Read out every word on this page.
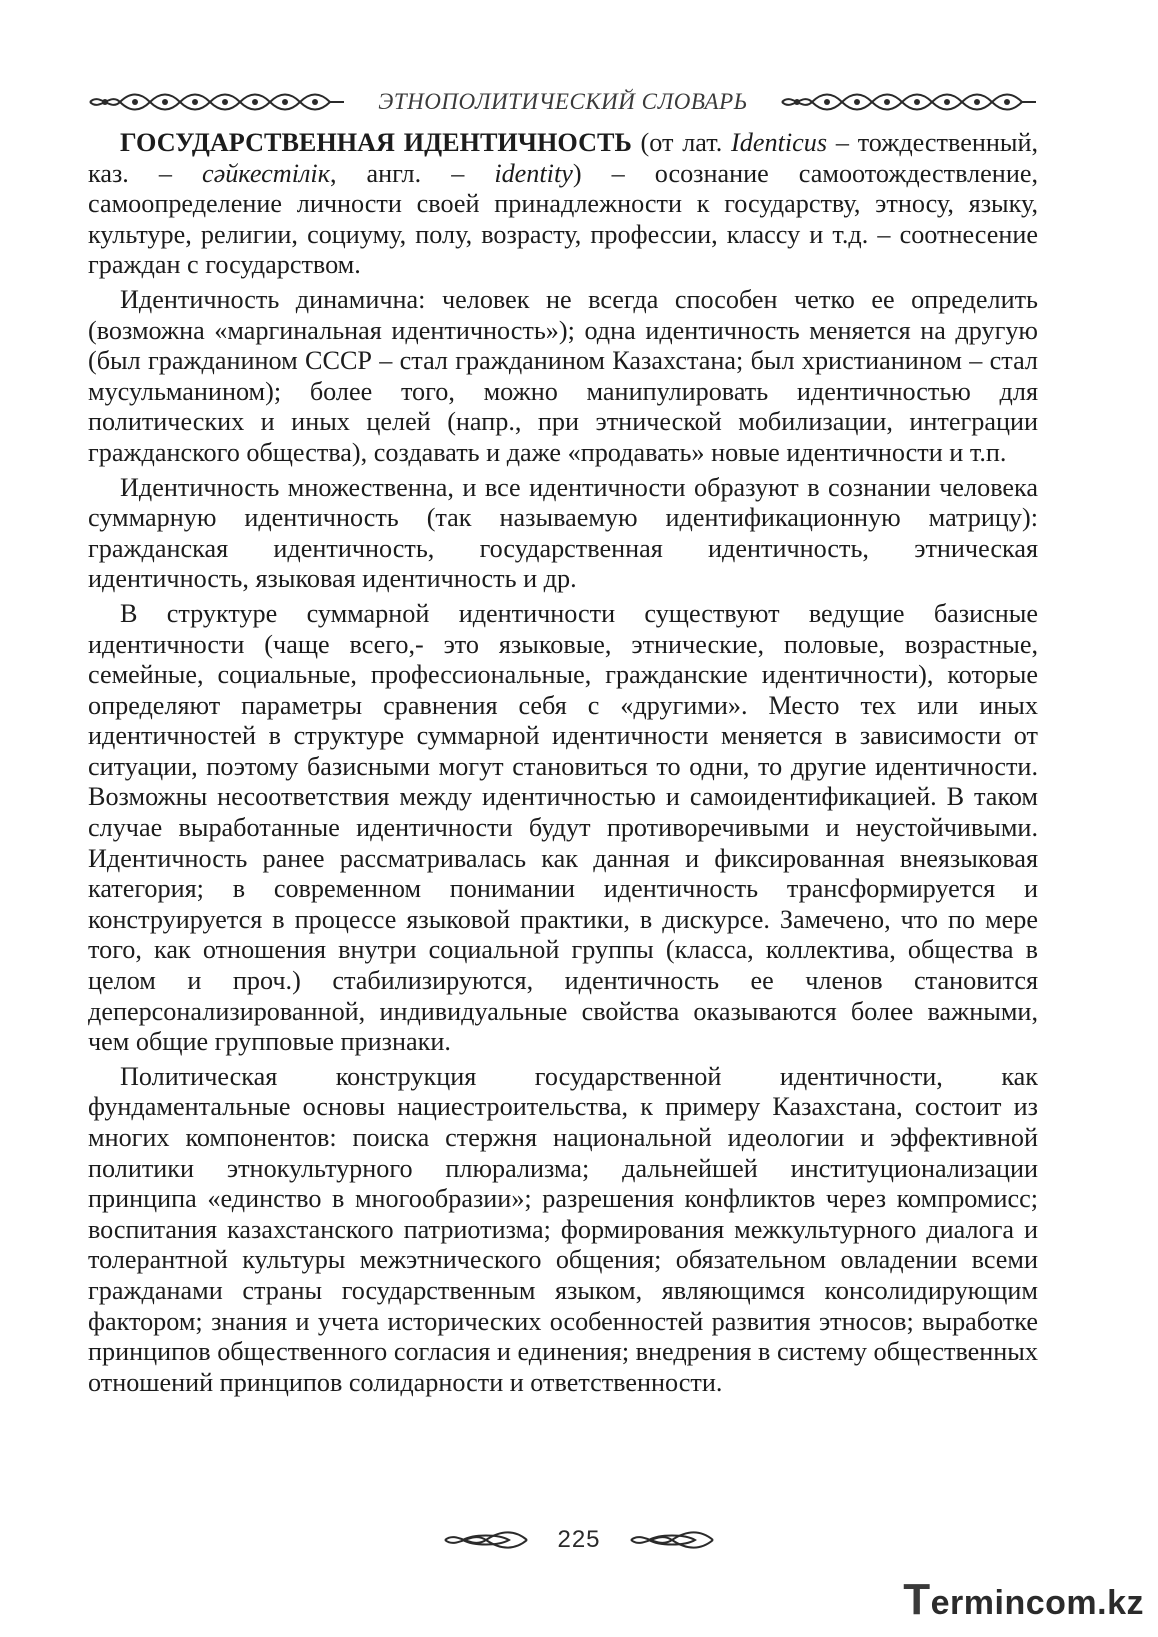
ЭТНОПОЛИТИЧЕСКИЙ СЛОВАРЬ

ГОСУДАРСТВЕННАЯ ИДЕНТИЧНОСТЬ (от лат. Identicus – тождественный, каз. – сәйкестілік, англ. – identity) – осознание самоотождествление, самоопределение личности своей принадлежности к государству, этносу, языку, культуре, религии, социуму, полу, возрасту, профессии, классу и т.д. – соотнесение граждан с государством.

Идентичность динамична: человек не всегда способен четко ее определить (возможна «маргинальная идентичность»); одна идентичность меняется на другую (был гражданином СССР – стал гражданином Казахстана; был христианином – стал мусульманином); более того, можно манипулировать идентичностью для политических и иных целей (напр., при этнической мобилизации, интеграции гражданского общества), создавать и даже «продавать» новые идентичности и т.п.

Идентичность множественна, и все идентичности образуют в сознании человека суммарную идентичность (так называемую идентификационную матрицу): гражданская идентичность, государственная идентичность, этническая идентичность, языковая идентичность и др.

В структуре суммарной идентичности существуют ведущие базисные идентичности (чаще всего,- это языковые, этнические, половые, возрастные, семейные, социальные, профессиональные, гражданские идентичности), которые определяют параметры сравнения себя с «другими». Место тех или иных идентичностей в структуре суммарной идентичности меняется в зависимости от ситуации, поэтому базисными могут становиться то одни, то другие идентичности. Возможны несоответствия между идентичностью и самоидентификацией. В таком случае выработанные идентичности будут противоречивыми и неустойчивыми. Идентичность ранее рассматривалась как данная и фиксированная внеязыковая категория; в современном понимании идентичность трансформируется и конструируется в процессе языковой практики, в дискурсе. Замечено, что по мере того, как отношения внутри социальной группы (класса, коллектива, общества в целом и проч.) стабилизируются, идентичность ее членов становится деперсонализированной, индивидуальные свойства оказываются более важными, чем общие групповые признаки.

Политическая конструкция государственной идентичности, как фундаментальные основы нациестроительства, к примеру Казахстана, состоит из многих компонентов: поиска стержня национальной идеологии и эффективной политики этнокультурного плюрализма; дальнейшей институционализации принципа «единство в многообразии»; разрешения конфликтов через компромисс; воспитания казахстанского патриотизма; формирования межкультурного диалога и толерантной культуры межэтнического общения; обязательном овладении всеми гражданами страны государственным языком, являющимся консолидирующим фактором; знания и учета исторических особенностей развития этносов; выработке принципов общественного согласия и единения; внедрения в систему общественных отношений принципов солидарности и ответственности.

225
Termincom.kz
